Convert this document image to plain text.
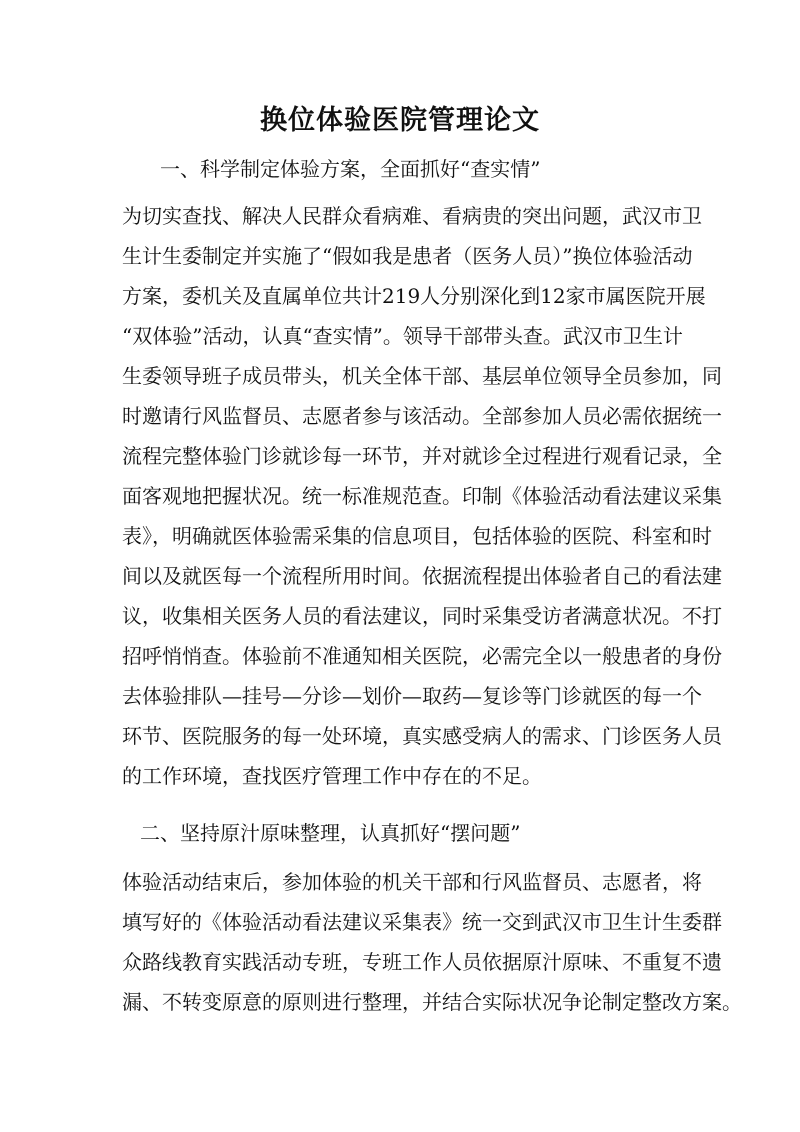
换位体验医院管理论文

一、科学制定体验方案，全面抓好“查实情”

为切实查找、解决人民群众看病难、看病贵的突出问题，武汉市卫
生计生委制定并实施了“假如我是患者（医务人员）”换位体验活动
方案，委机关及直属单位共计219人分别深化到12家市属医院开展
“双体验”活动，认真“查实情”。领导干部带头查。武汉市卫生计
生委领导班子成员带头，机关全体干部、基层单位领导全员参加，同
时邀请行风监督员、志愿者参与该活动。全部参加人员必需依据统一
流程完整体验门诊就诊每一环节，并对就诊全过程进行观看记录，全
面客观地把握状况。统一标准规范查。印制《体验活动看法建议采集
表》，明确就医体验需采集的信息项目，包括体验的医院、科室和时
间以及就医每一个流程所用时间。依据流程提出体验者自己的看法建
议，收集相关医务人员的看法建议，同时采集受访者满意状况。不打
招呼悄悄查。体验前不准通知相关医院，必需完全以一般患者的身份
去体验排队—挂号—分诊—划价—取药—复诊等门诊就医的每一个
环节、医院服务的每一处环境，真实感受病人的需求、门诊医务人员
的工作环境，查找医疗管理工作中存在的不足。

二、坚持原汁原味整理，认真抓好“摆问题”

体验活动结束后，参加体验的机关干部和行风监督员、志愿者，将
填写好的《体验活动看法建议采集表》统一交到武汉市卫生计生委群
众路线教育实践活动专班，专班工作人员依据原汁原味、不重复不遗
漏、不转变原意的原则进行整理，并结合实际状况争论制定整改方案。
